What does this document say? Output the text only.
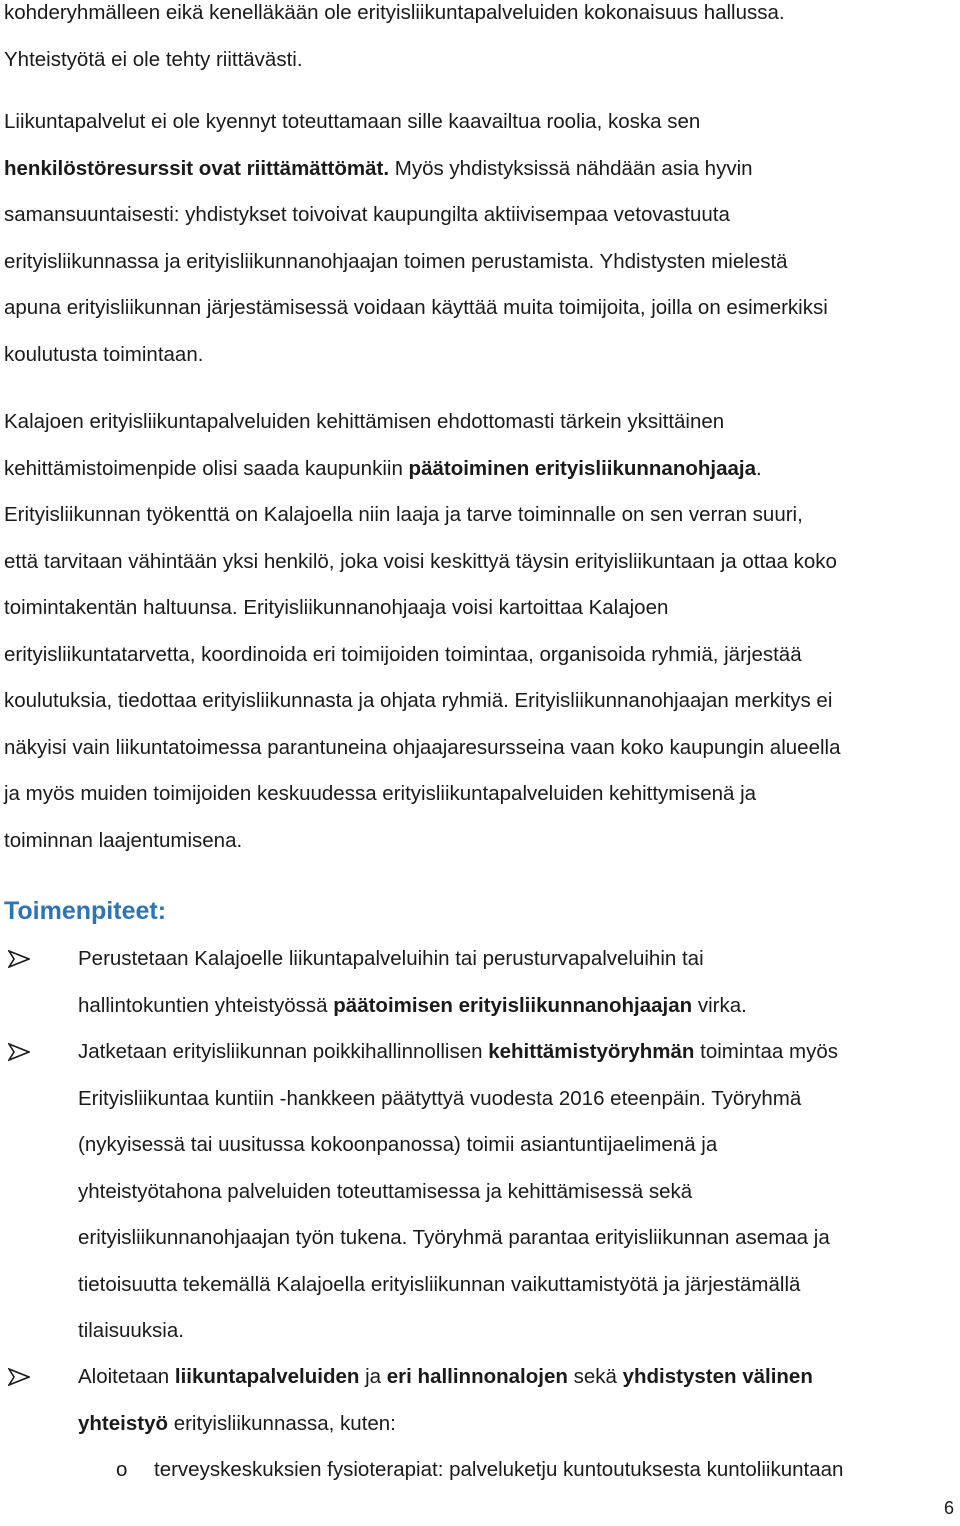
kohderyhmälleen eikä kenelläkään ole erityisliikuntapalveluiden kokonaisuus hallussa.
Yhteistyötä ei ole tehty riittävästi.
Liikuntapalvelut ei ole kyennyt toteuttamaan sille kaavailtua roolia, koska sen
henkilöstöresurssit ovat riittämättömät. Myös yhdistyksissä nähdään asia hyvin
samansuuntaisesti: yhdistykset toivoivat kaupungilta aktiivisempaa vetovastuuta
erityisliikunnassa ja erityisliikunnanohjaajan toimen perustamista. Yhdistysten mielestä
apuna erityisliikunnan järjestämisessä voidaan käyttää muita toimijoita, joilla on esimerkiksi
koulutusta toimintaan.
Kalajoen erityisliikuntapalveluiden kehittämisen ehdottomasti tärkein yksittäinen
kehittämistoimenpide olisi saada kaupunkiin päätoiminen erityisliikunnanohjaaja.
Erityisliikunnan työkenttä on Kalajoella niin laaja ja tarve toiminnalle on sen verran suuri,
että tarvitaan vähintään yksi henkilö, joka voisi keskittyä täysin erityisliikuntaan ja ottaa koko
toimintakentän haltuunsa. Erityisliikunnanohjaaja voisi kartoittaa Kalajoen
erityisliikuntatarvetta, koordinoida eri toimijoiden toimintaa, organisoida ryhmiä, järjestää
koulutuksia, tiedottaa erityisliikunnasta ja ohjata ryhmiä. Erityisliikunnanohjaajan merkitys ei
näkyisi vain liikuntatoimessa parantuneina ohjaajaresursseina vaan koko kaupungin alueella
ja myös muiden toimijoiden keskuudessa erityisliikuntapalveluiden kehittymisenä ja
toiminnan laajentumisena.
Toimenpiteet:
Perustetaan Kalajoelle liikuntapalveluihin tai perusturvapalveluihin tai
hallintokuntien yhteistyössä päätoimisen erityisliikunnanohjaajan virka.
Jatketaan erityisliikunnan poikkihallinnollisen kehittämistyöryhmän toimintaa myös
Erityisliikuntaa kuntiin -hankkeen päätyttyä vuodesta 2016 eteenpäin. Työryhmä
(nykyisessä tai uusitussa kokoonpanossa) toimii asiantuntijaelimenä ja
yhteistyötahona palveluiden toteuttamisessa ja kehittämisessä sekä
erityisliikunnanohjaajan työn tukena. Työryhmä parantaa erityisliikunnan asemaa ja
tietoisuutta tekemällä Kalajoella erityisliikunnan vaikuttamistyötä ja järjestämällä
tilaisuuksia.
Aloitetaan liikuntapalveluiden ja eri hallinnonalojen sekä yhdistysten välinen
yhteistyö erityisliikunnassa, kuten:
o terveyskeskuksien fysioterapiat: palveluketju kuntoutuksesta kuntoliikuntaan
6
